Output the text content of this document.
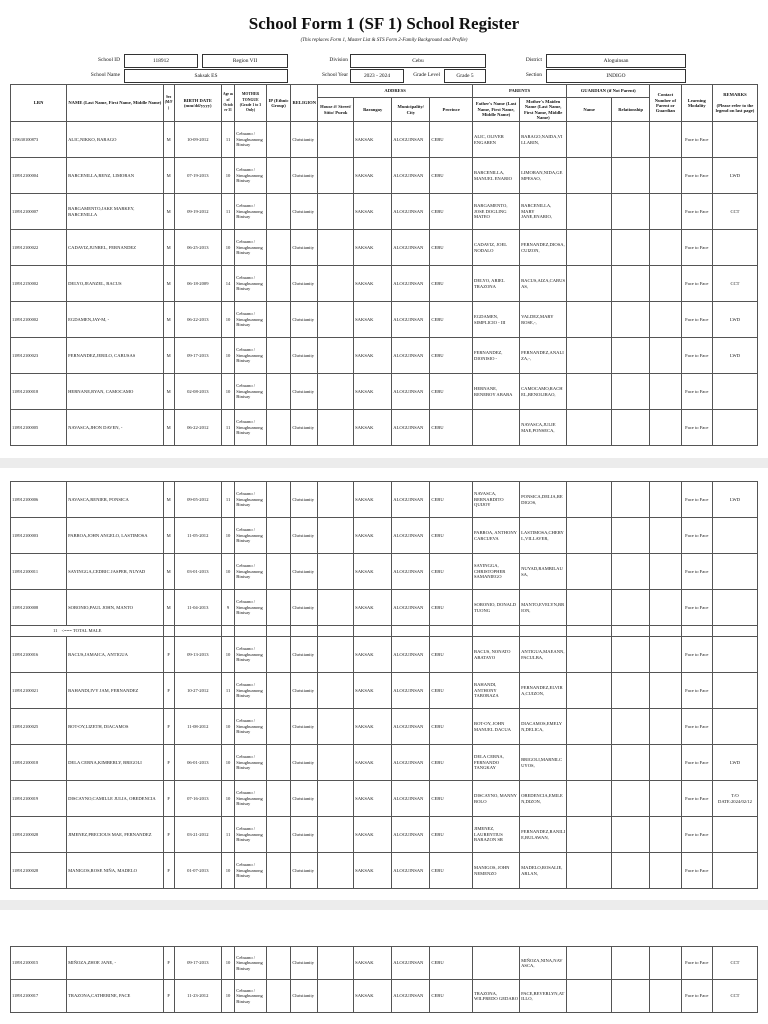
School Form 1 (SF 1) School Register
(This replaces Form 1, Master List & STS Form 2-Family Background and Profile)
School ID	118912	Region VII	Division	Cebu	District	Aloguinsan
School Name	Saksak ES	School Year	2023 - 2024	Grade Level	Grade 5	Section	INDIGO
LRN	NAME (Last Name, First Name, Middle Name)	Sex (M/F)	BIRTH DATE (mm/dd/yyyy)	Age as of October 31	MOTHER TONGUE (Grade 1 to 3 Only)	IP (Ethnic Group)	RELIGION	ADDRESS				PARENTS		GUARDIAN (if Not Parent)		Contact Number of Parent or Guardian	Learning Modality	REMARKS

(Please refer to the legend on last page)
								House #/ Street/ Sitio/ Purok	Barangay	Municipality/ City	Province	Father's Name (Last Name, First Name, Middle Name)	Mother's Maiden Name (Last Name, First Name, Middle Name)	Name	Relationship			
119630100873	ALIC,NIKKO, BARAGO	M	10-09-2012	11	Cebuano / Sinugbuanong Binisay		Christianity		SAKSAK	ALOGUINSAN	CEBU	ALIC, OLIVER ENGAREN	BARAGO,NAIDA,VILLARIN,				Face to Face	
118912100004	BARCENILLA,RENZ, LIMORAN	M	07-19-2013	10	Cebuano / Sinugbuanong Binisay		Christianity		SAKSAK	ALOGUINSAN	CEBU	BARCENILLA, MANUEL ENARIO	LIMORAN,NIDA,GEMPESAO,				Face to Face	LWD
118912100007	BARGAMENTO,JAKE MARKEY, BARCENILLA	M	09-19-2012	11	Cebuano / Sinugbuanong Binisay		Christianity		SAKSAK	ALOGUINSAN	CEBU	BARGAMENTO, JOSE DOGLING MATEO	BARCENILLA, MARY JANE,ENARIO,				Face to Face	CCT
118912100022	CADAVIZ,JUNREL, FERNANDEZ	M	06-25-2013	10	Cebuano / Sinugbuanong Binisay		Christianity		SAKSAK	ALOGUINSAN	CEBU	CADAVIZ, JOEL NODALO	FERNANDEZ,DIOSA,CUIZON,				Face to Face	
118912150002	DELYO,JEANZEL, BACUS	M	06-18-2009	14	Cebuano / Sinugbuanong Binisay		Christianity		SAKSAK	ALOGUINSAN	CEBU	DELYO, ARIEL TRAZONA	BACUS,AIZA,CABUSAS,				Face to Face	CCT
118912100002	EGDAMEN,JAY-M, -	M	06-22-2013	10	Cebuano / Sinugbuanong Binisay		Christianity		SAKSAK	ALOGUINSAN	CEBU	EGDAMEN, SIMPLICIO - III	VALDEZ,MARY ROSE,-,				Face to Face	LWD
118912100023	FERNANDEZ,JERILO, CABUSAS	M	09-17-2013	10	Cebuano / Sinugbuanong Binisay		Christianity		SAKSAK	ALOGUINSAN	CEBU	FERNANDEZ, DIONISIO -	FERNANDEZ,ANALIZA,-,				Face to Face	LWD
118912100018	HERNANE,RYAN, CAMOCAMO	M	02-08-2013	10	Cebuano / Sinugbuanong Binisay		Christianity		SAKSAK	ALOGUINSAN	CEBU	HERNANE, RENEBOY ABABA	CAMOCAMO,RACHEL,BENOLIRAO,				Face to Face	
118912100005	NAVASCA,JHON DAVEN, -	M	06-22-2012	11	Cebuano / Sinugbuanong Binisay		Christianity		SAKSAK	ALOGUINSAN	CEBU		NAVASCA,JULIE MAE,PONSECA,				Face to Face	
118912100006	NAVASCA,RENIER, PONSICA	M	09-05-2012	11	Cebuano / Sinugbuanong Binisay		Christianity		SAKSAK	ALOGUINSAN	CEBU	NAVASCA, BERNARDITO QUIJOY	PONSICA,DELIA,REDIGOS,				Face to Face	LWD
118912100003	PABROA,JOHN ANGELO, LASTIMOSA	M	11-05-2012	10	Cebuano / Sinugbuanong Binisay		Christianity		SAKSAK	ALOGUINSAN	CEBU	PABROA, ANTHONY CARCUEVA	LASTIMOSA,CHERYL,VILLAVER,				Face to Face	
118912100011	SAYINGGA,CEDRIC JASPER, NUYAD	M	03-01-2013	10	Cebuano / Sinugbuanong Binisay		Christianity		SAKSAK	ALOGUINSAN	CEBU	SAYINGGA, CHRISTOPHER SAMANIEGO	NUYAD,RAMBILAUSA,				Face to Face	
118912100008	SORONIO,PAUL JOHN, MANTO	M	11-04-2013	9	Cebuano / Sinugbuanong Binisay		Christianity		SAKSAK	ALOGUINSAN	CEBU	SORONIO, DONALD TUONG	MANTO,EVELYN,BRION,				Face to Face	
11 <=== TOTAL MALE																		
118912100016	BACUS,JAMAICA, ANTIGUA	F	09-13-2013	10	Cebuano / Sinugbuanong Binisay		Christianity		SAKSAK	ALOGUINSAN	CEBU	BACUS, NONATO ABATAYO	ANTIGUA,MAEANN,PACULBA,				Face to Face	
118912100021	BAHANDI,IVY JAM, FERNANDEZ	F	10-27-2012	11	Cebuano / Sinugbuanong Binisay		Christianity		SAKSAK	ALOGUINSAN	CEBU	BAHANDI, ANTHONY TABORAZA	FERNANDEZ,ELVIRA,CUIZON,				Face to Face	
118912100025	BOT-OY,LIZETH, DIACAMOS	F	11-08-2012	10	Cebuano / Sinugbuanong Binisay		Christianity		SAKSAK	ALOGUINSAN	CEBU	BOT-OY, JOHN MANUEL DACUA	DIACAMOS,EMELYN,DELICA,				Face to Face	
118912100018	DELA CERNA,KIMBERLY, BRIGOLI	F	06-01-2013	10	Cebuano / Sinugbuanong Binisay		Christianity		SAKSAK	ALOGUINSAN	CEBU	DELA CERNA, FERNANDO TANGKAY	BRIGOLI,MARNILCUYOS,				Face to Face	LWD
118912100019	DISCAYNO,CAMILLE JULIA, OBEDENCIA	F	07-16-2013	10	Cebuano / Sinugbuanong Binisay		Christianity		SAKSAK	ALOGUINSAN	CEBU	DISCAYNO, MANNY BOLO	OBEDENCIA,EMILEN,DIZON,				Face to Face	T/O DATE:2024/02/12
118912100028	JIMENEZ,PRECIOUS MAE, FERNANDEZ	F	03-21-2012	11	Cebuano / Sinugbuanong Binisay		Christianity		SAKSAK	ALOGUINSAN	CEBU	JIMENEZ, LAURENTIUS BARAZON SR	FERNANDEZ,RANILIE,BULAWAN,				Face to Face	
118912100028	MANIGOS,ROSE NIÑA, MADELO	F	01-07-2013	10	Cebuano / Sinugbuanong Binisay		Christianity		SAKSAK	ALOGUINSAN	CEBU	MANIGOS, JOHN NEMENZO	MADELO,ROSALIE,ARLAN,				Face to Face	
118912100015	MIÑOZA,ZHOE JANE, -	F	09-17-2013	10	Cebuano / Sinugbuanong Binisay		Christianity		SAKSAK	ALOGUINSAN	CEBU		MIÑOZA,NINA,NAVASCA,				Face to Face	CCT
118912100017	TRAZONA,CATHERINE, PACE	F	11-23-2012	10	Cebuano / Sinugbuanong Binisay		Christianity		SAKSAK	ALOGUINSAN	CEBU	TRAZONA, WILFREDO GEDARO	PACE,BEVERLYN,ATILLO,				Face to Face	CCT
